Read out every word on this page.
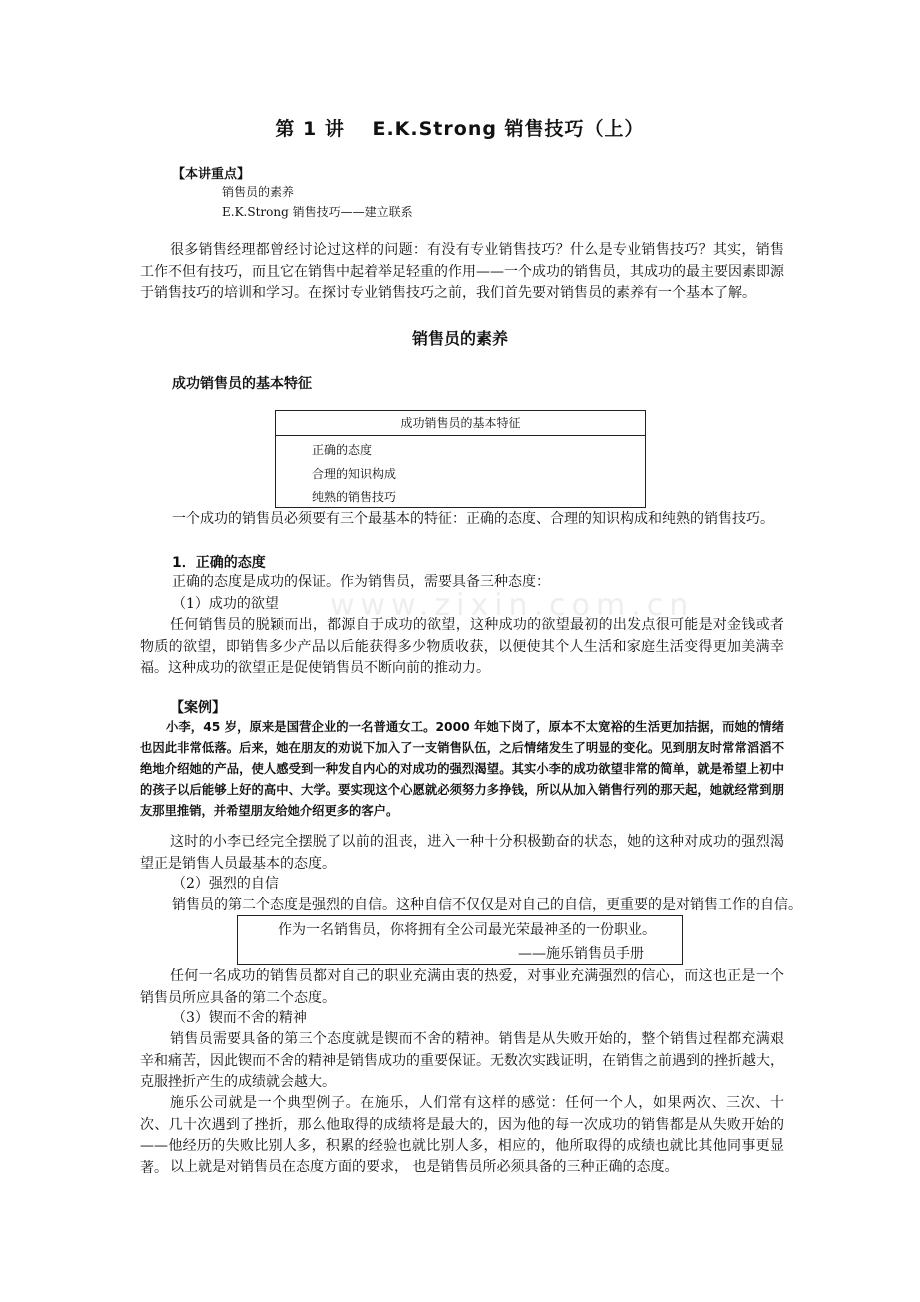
www.zixin.com.cn
第 1 讲　 E.K.Strong 销售技巧（上）
【本讲重点】
销售员的素养
E.K.Strong 销售技巧——建立联系
很多销售经理都曾经讨论过这样的问题：有没有专业销售技巧？什么是专业销售技巧？其实，销售工作不但有技巧，而且它在销售中起着举足轻重的作用——一个成功的销售员，其成功的最主要因素即源于销售技巧的培训和学习。在探讨专业销售技巧之前，我们首先要对销售员的素养有一个基本了解。
销售员的素养
成功销售员的基本特征
成功销售员的基本特征
正确的态度
合理的知识构成
纯熟的销售技巧
一个成功的销售员必须要有三个最基本的特征：正确的态度、合理的知识构成和纯熟的销售技巧。
1．正确的态度
正确的态度是成功的保证。作为销售员，需要具备三种态度：
（1）成功的欲望
任何销售员的脱颖而出，都源自于成功的欲望，这种成功的欲望最初的出发点很可能是对金钱或者物质的欲望，即销售多少产品以后能获得多少物质收获，以便使其个人生活和家庭生活变得更加美满幸福。这种成功的欲望正是促使销售员不断向前的推动力。
【案例】
小李，45 岁，原来是国营企业的一名普通女工。2000 年她下岗了，原本不太宽裕的生活更加拮据，而她的情绪也因此非常低落。后来，她在朋友的劝说下加入了一支销售队伍，之后情绪发生了明显的变化。见到朋友时常常滔滔不绝地介绍她的产品，使人感受到一种发自内心的对成功的强烈渴望。其实小李的成功欲望非常的简单，就是希望上初中的孩子以后能够上好的高中、大学。要实现这个心愿就必须努力多挣钱，所以从加入销售行列的那天起，她就经常到朋友那里推销，并希望朋友给她介绍更多的客户。
这时的小李已经完全摆脱了以前的沮丧，进入一种十分积极勤奋的状态，她的这种对成功的强烈渴望正是销售人员最基本的态度。
（2）强烈的自信
销售员的第二个态度是强烈的自信。这种自信不仅仅是对自己的自信，更重要的是对销售工作的自信。
作为一名销售员，你将拥有全公司最光荣最神圣的一份职业。
——施乐销售员手册
任何一名成功的销售员都对自己的职业充满由衷的热爱，对事业充满强烈的信心，而这也正是一个销售员所应具备的第二个态度。
（3）锲而不舍的精神
销售员需要具备的第三个态度就是锲而不舍的精神。销售是从失败开始的，整个销售过程都充满艰辛和痛苦，因此锲而不舍的精神是销售成功的重要保证。无数次实践证明，在销售之前遇到的挫折越大，克服挫折产生的成绩就会越大。
施乐公司就是一个典型例子。在施乐，人们常有这样的感觉：任何一个人，如果两次、三次、十次、几十次遇到了挫折，那么他取得的成绩将是最大的，因为他的每一次成功的销售都是从失败开始的——他经历的失败比别人多，积累的经验也就比别人多，相应的，他所取得的成绩也就比其他同事更显著。 以上就是对销售员在态度方面的要求， 也是销售员所必须具备的三种正确的态度。
